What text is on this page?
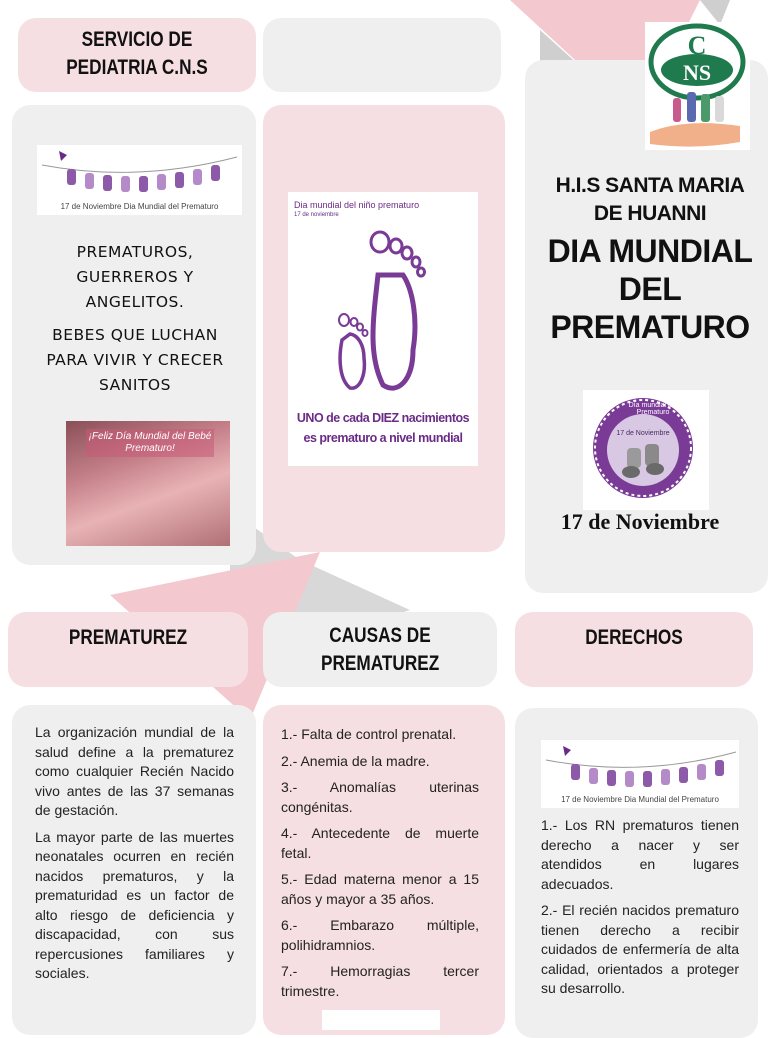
SERVICIO DE PEDIATRIA C.N.S
17 de Noviembre Dia Mundial del Prematuro

PREMATUROS, GUERREROS Y ANGELITOS.

BEBES QUE LUCHAN PARA VIVIR Y CRECER SANITOS

¡Feliz Día Mundial del Bebé Prematuro!
Dia mundial del niño prematuro
17 de noviembre
UNO de cada DIEZ nacimientos es prematuro a nivel mundial
C
NS
H.I.S SANTA MARIA DE HUANNI
DIA MUNDIAL DEL PREMATURO
Día mundial del Prematuro
17 de Noviembre
17 de Noviembre
PREMATUREZ	CAUSAS DE PREMATUREZ
DERECHOS

La organización mundial de la salud define a la prematurez como cualquier Recién Nacido vivo antes de las 37 semanas de gestación.

La mayor parte de las muertes neonatales ocurren en recién nacidos prematuros, y la prematuridad es un factor de alto riesgo de deficiencia y discapacidad, con sus repercusiones familiares y sociales.

1.- Falta de control prenatal.
2.- Anemia de la madre.
3.- Anomalías uterinas congénitas.
4.- Antecedente de muerte fetal.
5.- Edad materna menor a 15 años y mayor a 35 años.
6.- Embarazo múltiple, polihidramnios.
7.- Hemorragias tercer trimestre.
17 de Noviembre Dia Mundial del Prematuro

1.- Los RN prematuros tienen derecho a nacer y ser atendidos en lugares adecuados.

2.- El recién nacidos prematuro tienen derecho a recibir cuidados de enfermería de alta calidad, orientados a proteger su desarrollo.
